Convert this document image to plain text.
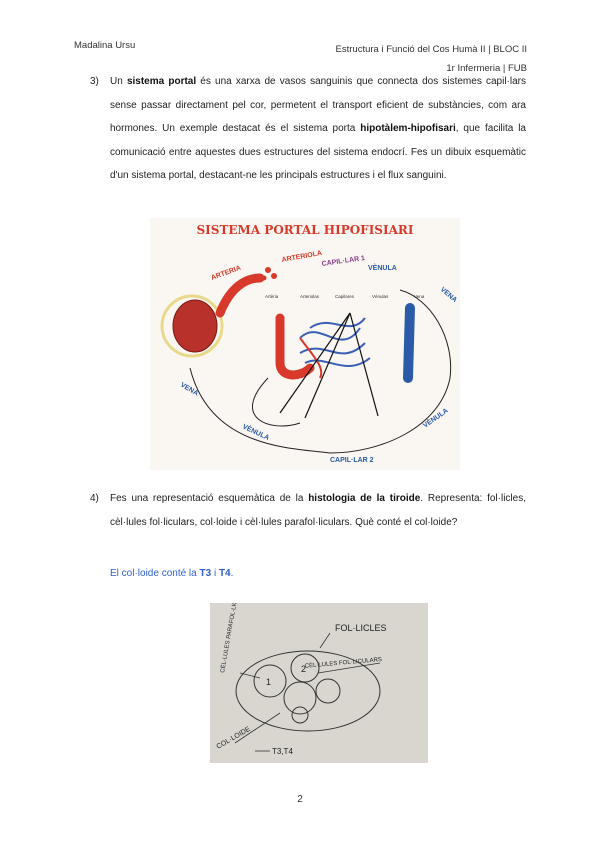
Madalina Ursu	Estructura i Funció del Cos Humà II | BLOC II
1r Infermeria | FUB
3) Un sistema portal és una xarxa de vasos sanguinis que connecta dos sistemes capil·lars sense passar directament pel cor, permetent el transport eficient de substàncies, com ara hormones. Un exemple destacat és el sistema porta hipotàlem-hipofisari, que facilita la comunicació entre aquestes dues estructures del sistema endocrí. Fes un dibuix esquemàtic d'un sistema portal, destacant-ne les principals estructures i el flux sanguini.
SISTEMA PORTAL HIPOFISIARI
ARTERIA
ARTERIOLA
CAPIL·LAR 1
VÈNULA
VENA
VENA
VÈNULA
VÈNULA
CAPIL·LAR 2
Artèria	Arteriolas	Capilares	Vénulas	Vena
4) Fes una representació esquemàtica de la histologia de la tiroide. Representa: fol·licles, cèl·lules fol·liculars, col·loide i cèl·lules parafol·liculars. Què conté el col·loide?
El col·loide conté la T3 i T4.
1
2
CÈL·LULES PARAFOL·LICULARS	FOL·LICLES
CÈL·LULES FOL·LICULARS
COL·LOIDE
T3,T4
2
